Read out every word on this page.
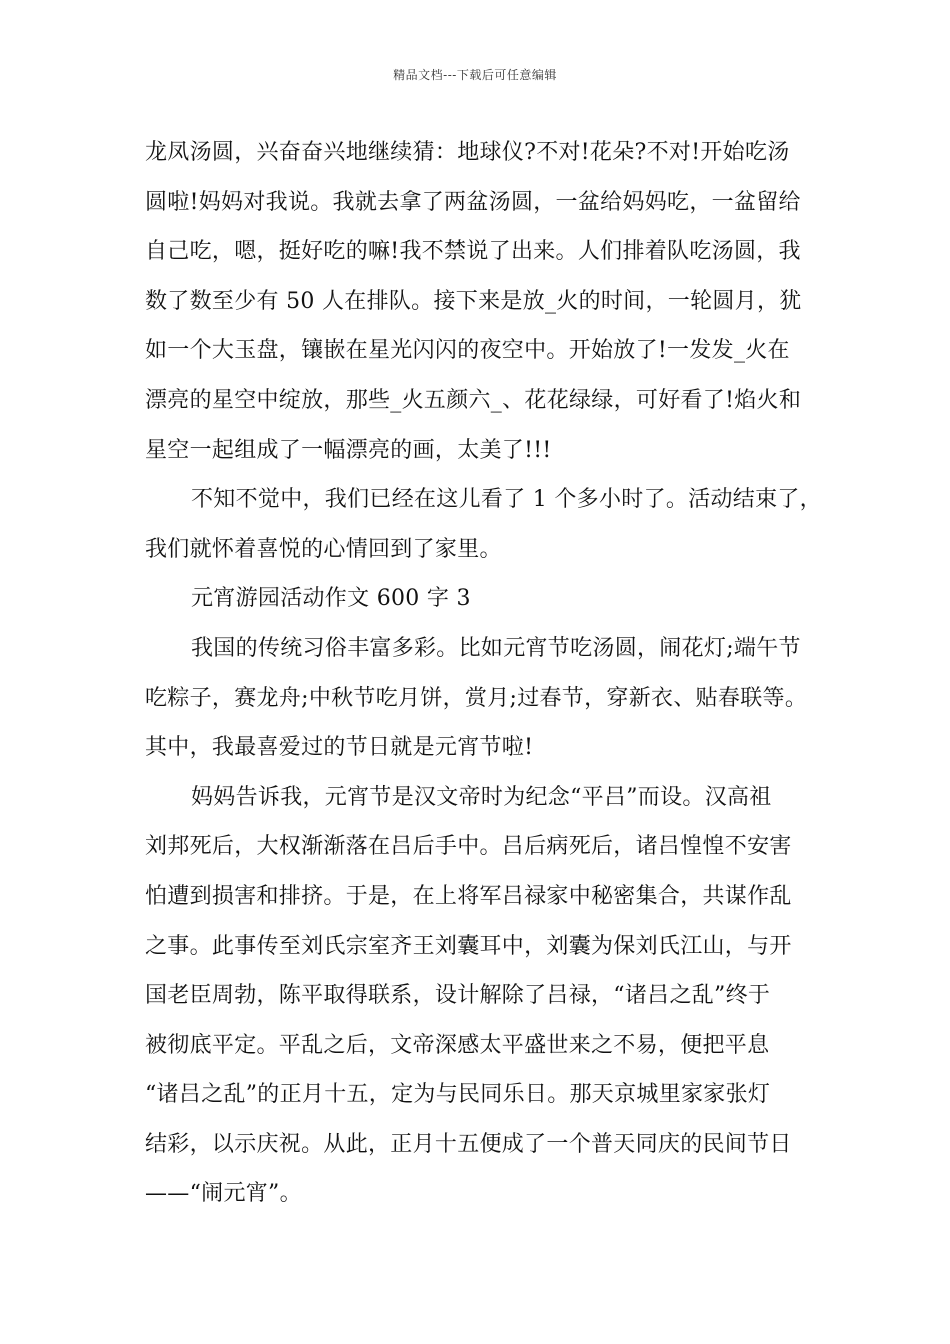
精品文档---下载后可任意编辑
龙凤汤圆，兴奋奋兴地继续猜：地球仪?不对!花朵?不对!开始吃汤
圆啦!妈妈对我说。我就去拿了两盆汤圆，一盆给妈妈吃，一盆留给
自己吃，嗯，挺好吃的嘛!我不禁说了出来。人们排着队吃汤圆，我
数了数至少有 50 人在排队。接下来是放_火的时间，一轮圆月，犹
如一个大玉盘，镶嵌在星光闪闪的夜空中。开始放了!一发发_火在
漂亮的星空中绽放，那些_火五颜六_、花花绿绿，可好看了!焰火和
星空一起组成了一幅漂亮的画，太美了!!!
不知不觉中，我们已经在这儿看了 1 个多小时了。活动结束了，
我们就怀着喜悦的心情回到了家里。
元宵游园活动作文 600 字 3
我国的传统习俗丰富多彩。比如元宵节吃汤圆，闹花灯;端午节
吃粽子，赛龙舟;中秋节吃月饼，赏月;过春节，穿新衣、贴春联等。
其中，我最喜爱过的节日就是元宵节啦!
妈妈告诉我，元宵节是汉文帝时为纪念“平吕”而设。汉高祖
刘邦死后，大权渐渐落在吕后手中。吕后病死后，诸吕惶惶不安害
怕遭到损害和排挤。于是，在上将军吕禄家中秘密集合，共谋作乱
之事。此事传至刘氏宗室齐王刘囊耳中，刘囊为保刘氏江山，与开
国老臣周勃，陈平取得联系，设计解除了吕禄，“诸吕之乱”终于
被彻底平定。平乱之后，文帝深感太平盛世来之不易，便把平息
“诸吕之乱”的正月十五，定为与民同乐日。那天京城里家家张灯
结彩，以示庆祝。从此，正月十五便成了一个普天同庆的民间节日
——“闹元宵”。
